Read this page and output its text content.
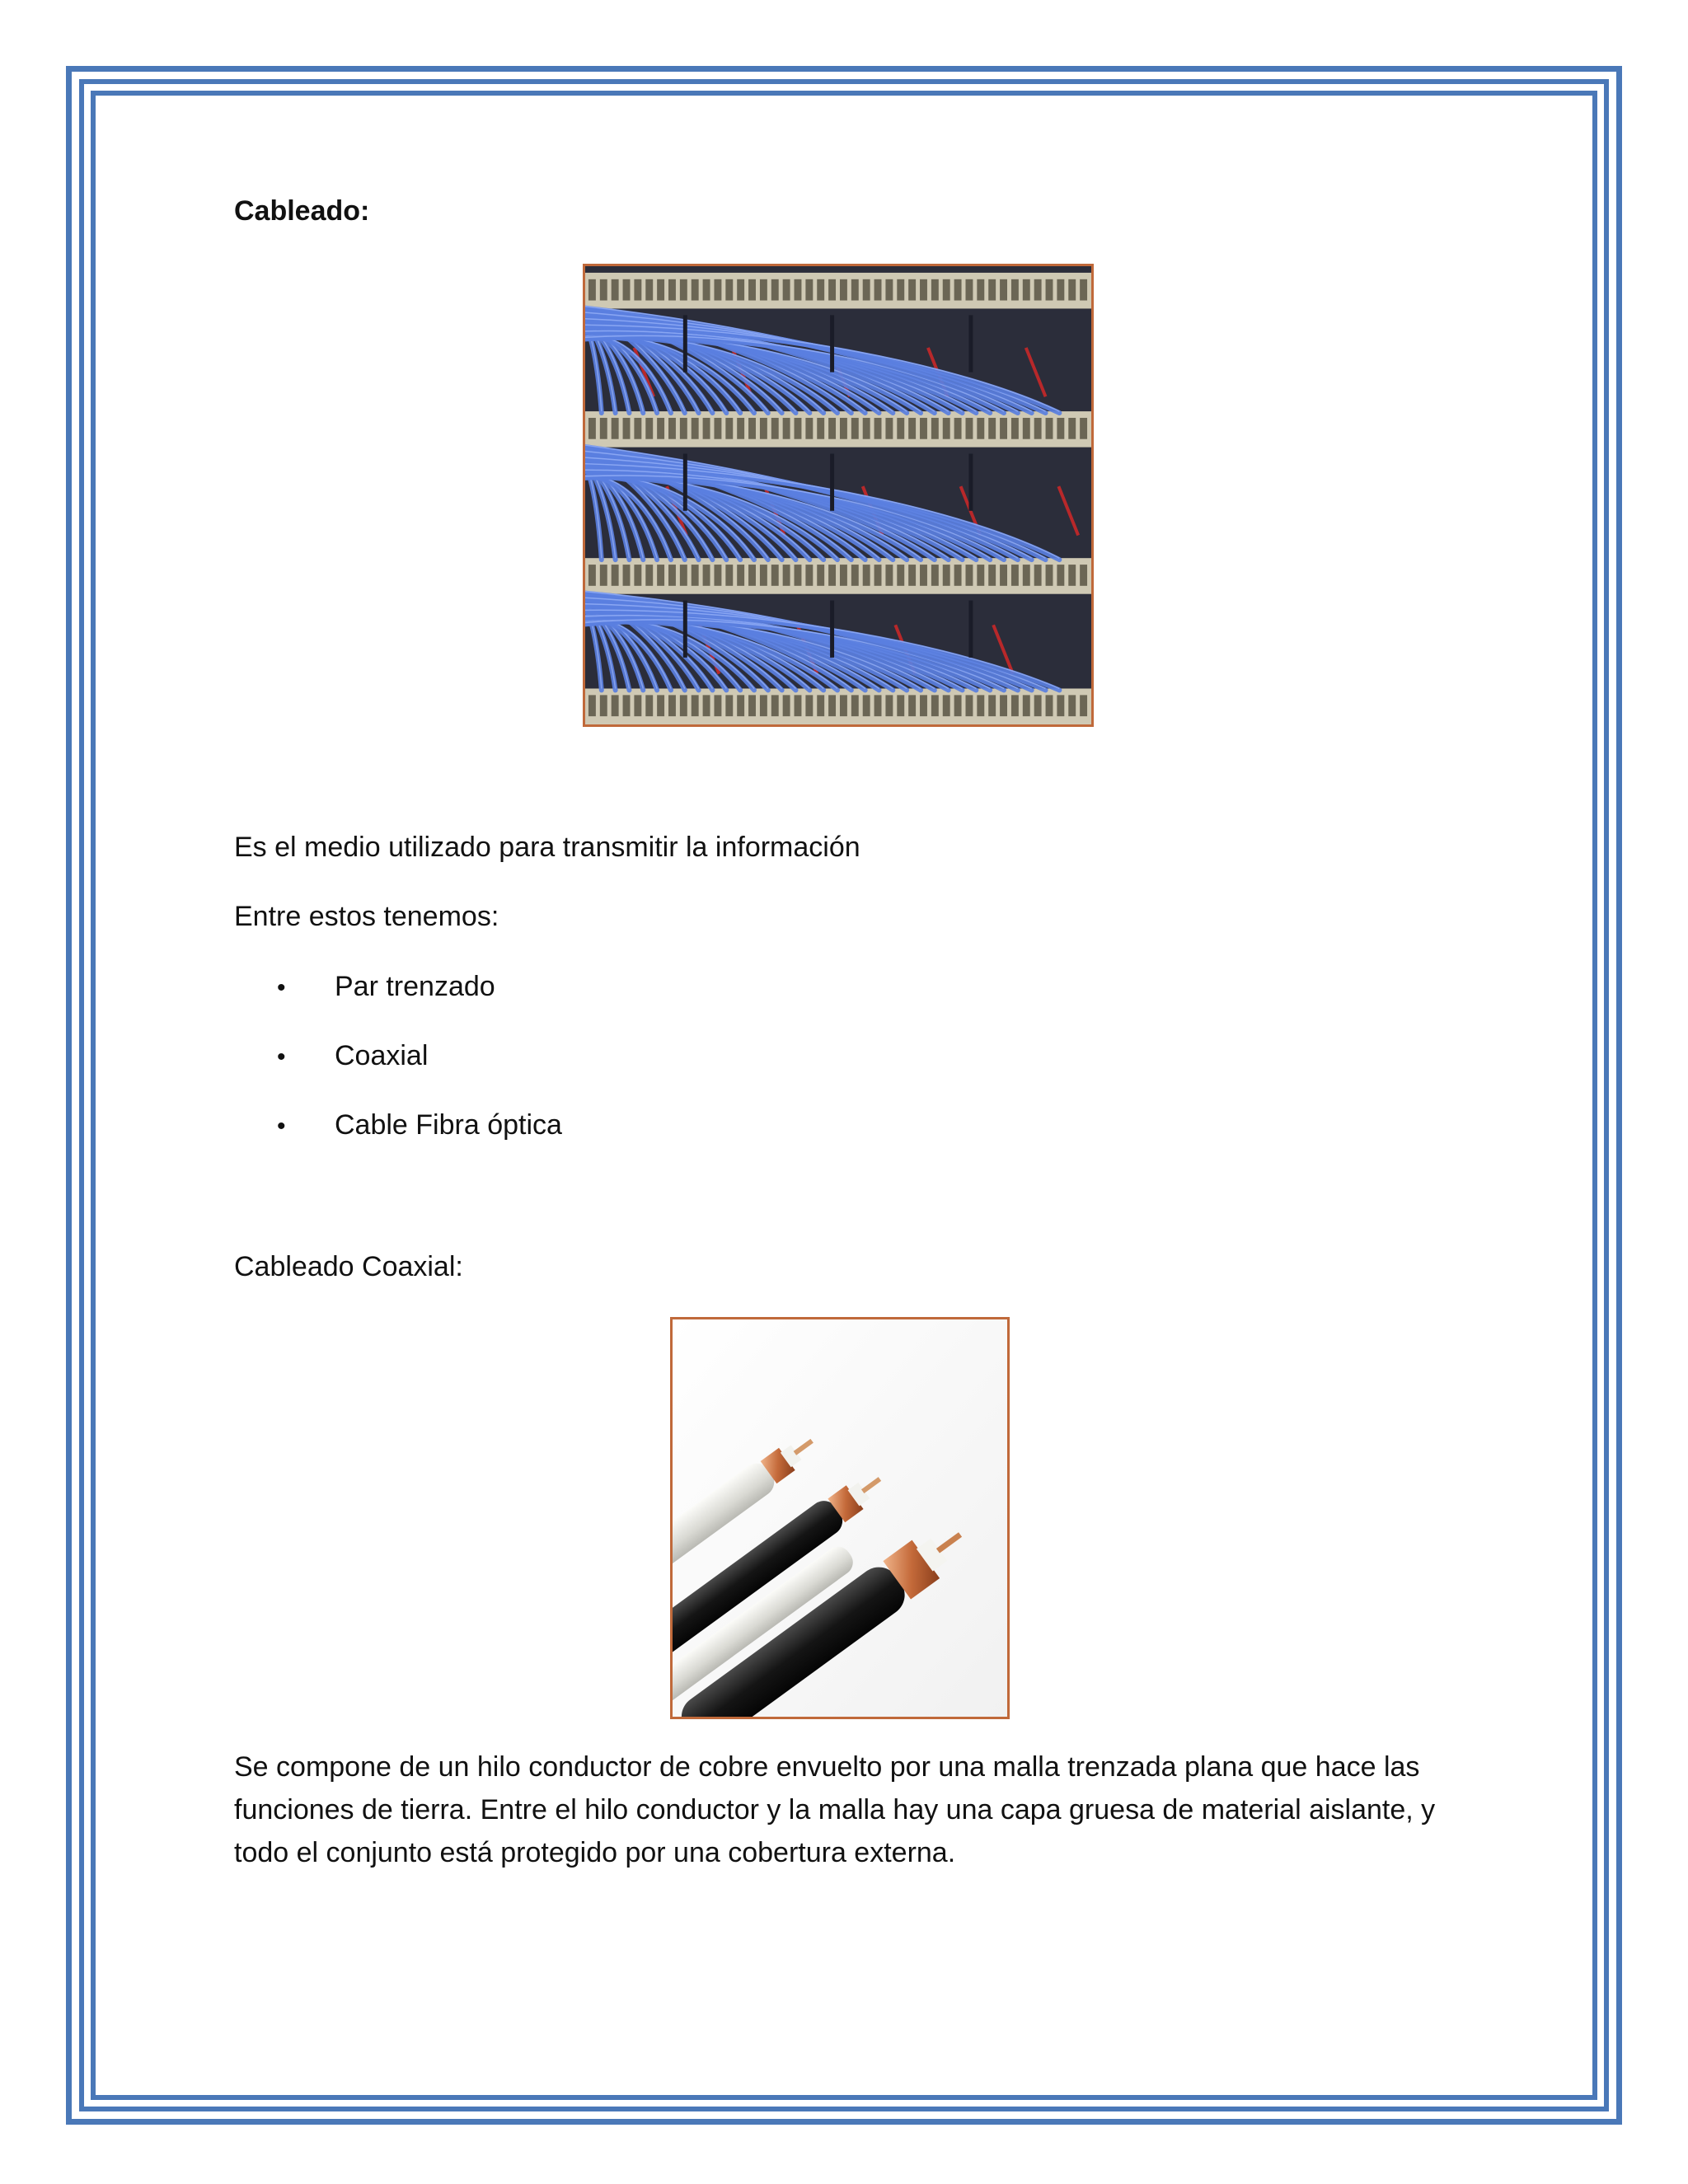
Cableado:
Es el medio utilizado para transmitir la información
Entre estos tenemos:
• Par trenzado
• Coaxial
• Cable Fibra óptica
Cableado Coaxial:
Se compone de un hilo conductor de cobre envuelto por una malla trenzada plana que hace las funciones de tierra. Entre el hilo conductor y la malla hay una capa gruesa de material aislante, y todo el conjunto está protegido por una cobertura externa.
